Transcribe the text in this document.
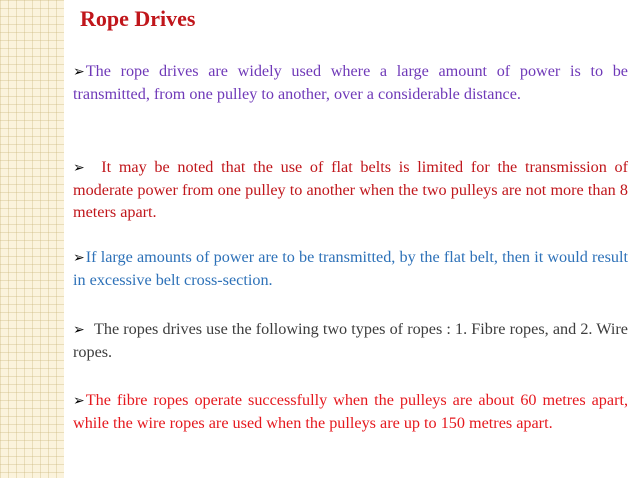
Rope Drives

➢The rope drives are widely used where a large amount of power is to be transmitted, from one pulley to another, over a considerable distance.

➢ It may be noted that the use of flat belts is limited for the transmission of moderate power from one pulley to another when the two pulleys are not more than 8 meters apart.

➢If large amounts of power are to be transmitted, by the flat belt, then it would result in excessive belt cross-section.

➢ The ropes drives use the following two types of ropes : 1. Fibre ropes, and 2. Wire ropes.

➢The fibre ropes operate successfully when the pulleys are about 60 metres apart, while the wire ropes are used when the pulleys are up to 150 metres apart.
